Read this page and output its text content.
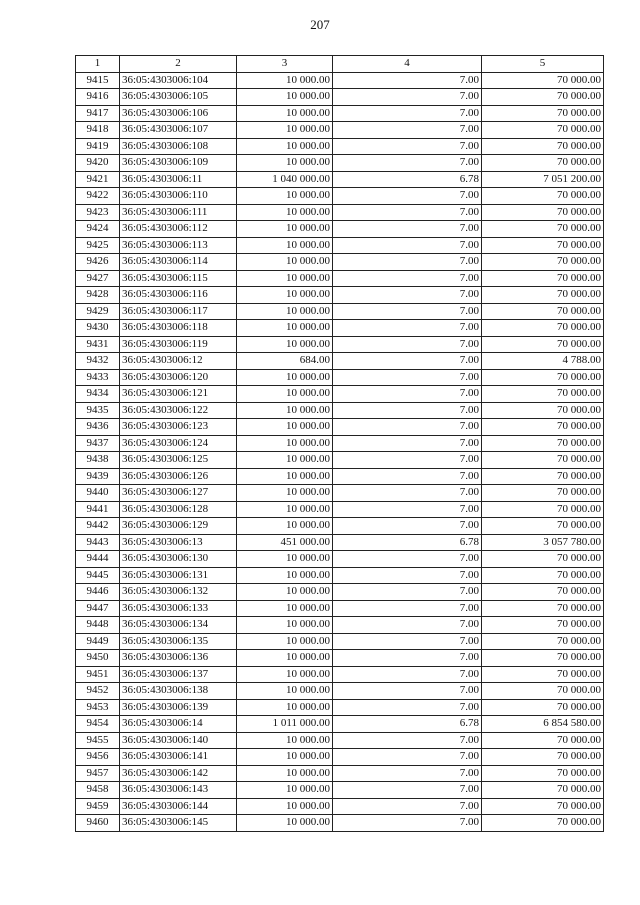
207
1	2	3	4	5
9415	36:05:4303006:104	10 000.00	7.00	70 000.00
9416	36:05:4303006:105	10 000.00	7.00	70 000.00
9417	36:05:4303006:106	10 000.00	7.00	70 000.00
9418	36:05:4303006:107	10 000.00	7.00	70 000.00
9419	36:05:4303006:108	10 000.00	7.00	70 000.00
9420	36:05:4303006:109	10 000.00	7.00	70 000.00
9421	36:05:4303006:11	1 040 000.00	6.78	7 051 200.00
9422	36:05:4303006:110	10 000.00	7.00	70 000.00
9423	36:05:4303006:111	10 000.00	7.00	70 000.00
9424	36:05:4303006:112	10 000.00	7.00	70 000.00
9425	36:05:4303006:113	10 000.00	7.00	70 000.00
9426	36:05:4303006:114	10 000.00	7.00	70 000.00
9427	36:05:4303006:115	10 000.00	7.00	70 000.00
9428	36:05:4303006:116	10 000.00	7.00	70 000.00
9429	36:05:4303006:117	10 000.00	7.00	70 000.00
9430	36:05:4303006:118	10 000.00	7.00	70 000.00
9431	36:05:4303006:119	10 000.00	7.00	70 000.00
9432	36:05:4303006:12	684.00	7.00	4 788.00
9433	36:05:4303006:120	10 000.00	7.00	70 000.00
9434	36:05:4303006:121	10 000.00	7.00	70 000.00
9435	36:05:4303006:122	10 000.00	7.00	70 000.00
9436	36:05:4303006:123	10 000.00	7.00	70 000.00
9437	36:05:4303006:124	10 000.00	7.00	70 000.00
9438	36:05:4303006:125	10 000.00	7.00	70 000.00
9439	36:05:4303006:126	10 000.00	7.00	70 000.00
9440	36:05:4303006:127	10 000.00	7.00	70 000.00
9441	36:05:4303006:128	10 000.00	7.00	70 000.00
9442	36:05:4303006:129	10 000.00	7.00	70 000.00
9443	36:05:4303006:13	451 000.00	6.78	3 057 780.00
9444	36:05:4303006:130	10 000.00	7.00	70 000.00
9445	36:05:4303006:131	10 000.00	7.00	70 000.00
9446	36:05:4303006:132	10 000.00	7.00	70 000.00
9447	36:05:4303006:133	10 000.00	7.00	70 000.00
9448	36:05:4303006:134	10 000.00	7.00	70 000.00
9449	36:05:4303006:135	10 000.00	7.00	70 000.00
9450	36:05:4303006:136	10 000.00	7.00	70 000.00
9451	36:05:4303006:137	10 000.00	7.00	70 000.00
9452	36:05:4303006:138	10 000.00	7.00	70 000.00
9453	36:05:4303006:139	10 000.00	7.00	70 000.00
9454	36:05:4303006:14	1 011 000.00	6.78	6 854 580.00
9455	36:05:4303006:140	10 000.00	7.00	70 000.00
9456	36:05:4303006:141	10 000.00	7.00	70 000.00
9457	36:05:4303006:142	10 000.00	7.00	70 000.00
9458	36:05:4303006:143	10 000.00	7.00	70 000.00
9459	36:05:4303006:144	10 000.00	7.00	70 000.00
9460	36:05:4303006:145	10 000.00	7.00	70 000.00
